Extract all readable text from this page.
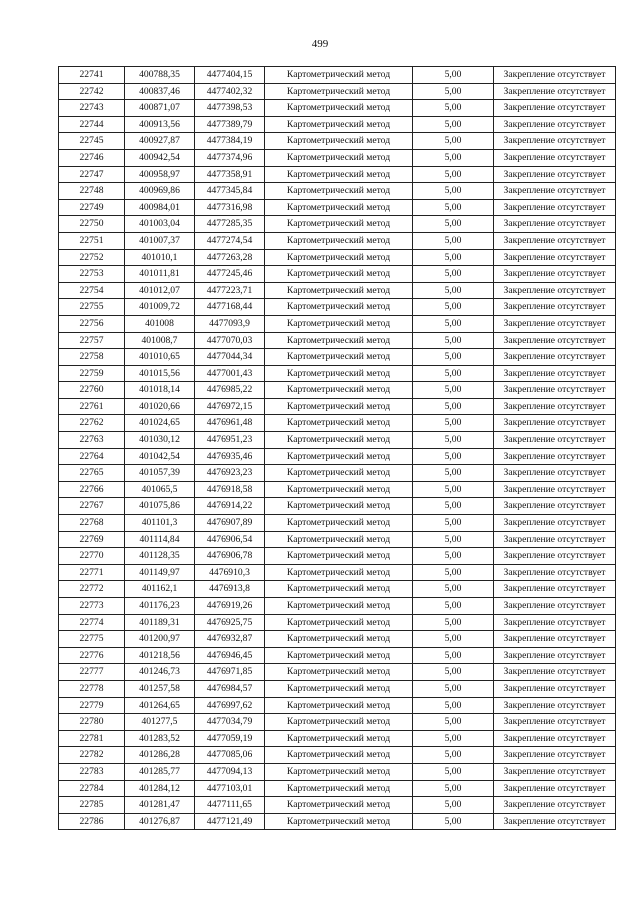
499
22741	400788,35	4477404,15	Картометрический метод	5,00	Закрепление отсутствует
22742	400837,46	4477402,32	Картометрический метод	5,00	Закрепление отсутствует
22743	400871,07	4477398,53	Картометрический метод	5,00	Закрепление отсутствует
22744	400913,56	4477389,79	Картометрический метод	5,00	Закрепление отсутствует
22745	400927,87	4477384,19	Картометрический метод	5,00	Закрепление отсутствует
22746	400942,54	4477374,96	Картометрический метод	5,00	Закрепление отсутствует
22747	400958,97	4477358,91	Картометрический метод	5,00	Закрепление отсутствует
22748	400969,86	4477345,84	Картометрический метод	5,00	Закрепление отсутствует
22749	400984,01	4477316,98	Картометрический метод	5,00	Закрепление отсутствует
22750	401003,04	4477285,35	Картометрический метод	5,00	Закрепление отсутствует
22751	401007,37	4477274,54	Картометрический метод	5,00	Закрепление отсутствует
22752	401010,1	4477263,28	Картометрический метод	5,00	Закрепление отсутствует
22753	401011,81	4477245,46	Картометрический метод	5,00	Закрепление отсутствует
22754	401012,07	4477223,71	Картометрический метод	5,00	Закрепление отсутствует
22755	401009,72	4477168,44	Картометрический метод	5,00	Закрепление отсутствует
22756	401008	4477093,9	Картометрический метод	5,00	Закрепление отсутствует
22757	401008,7	4477070,03	Картометрический метод	5,00	Закрепление отсутствует
22758	401010,65	4477044,34	Картометрический метод	5,00	Закрепление отсутствует
22759	401015,56	4477001,43	Картометрический метод	5,00	Закрепление отсутствует
22760	401018,14	4476985,22	Картометрический метод	5,00	Закрепление отсутствует
22761	401020,66	4476972,15	Картометрический метод	5,00	Закрепление отсутствует
22762	401024,65	4476961,48	Картометрический метод	5,00	Закрепление отсутствует
22763	401030,12	4476951,23	Картометрический метод	5,00	Закрепление отсутствует
22764	401042,54	4476935,46	Картометрический метод	5,00	Закрепление отсутствует
22765	401057,39	4476923,23	Картометрический метод	5,00	Закрепление отсутствует
22766	401065,5	4476918,58	Картометрический метод	5,00	Закрепление отсутствует
22767	401075,86	4476914,22	Картометрический метод	5,00	Закрепление отсутствует
22768	401101,3	4476907,89	Картометрический метод	5,00	Закрепление отсутствует
22769	401114,84	4476906,54	Картометрический метод	5,00	Закрепление отсутствует
22770	401128,35	4476906,78	Картометрический метод	5,00	Закрепление отсутствует
22771	401149,97	4476910,3	Картометрический метод	5,00	Закрепление отсутствует
22772	401162,1	4476913,8	Картометрический метод	5,00	Закрепление отсутствует
22773	401176,23	4476919,26	Картометрический метод	5,00	Закрепление отсутствует
22774	401189,31	4476925,75	Картометрический метод	5,00	Закрепление отсутствует
22775	401200,97	4476932,87	Картометрический метод	5,00	Закрепление отсутствует
22776	401218,56	4476946,45	Картометрический метод	5,00	Закрепление отсутствует
22777	401246,73	4476971,85	Картометрический метод	5,00	Закрепление отсутствует
22778	401257,58	4476984,57	Картометрический метод	5,00	Закрепление отсутствует
22779	401264,65	4476997,62	Картометрический метод	5,00	Закрепление отсутствует
22780	401277,5	4477034,79	Картометрический метод	5,00	Закрепление отсутствует
22781	401283,52	4477059,19	Картометрический метод	5,00	Закрепление отсутствует
22782	401286,28	4477085,06	Картометрический метод	5,00	Закрепление отсутствует
22783	401285,77	4477094,13	Картометрический метод	5,00	Закрепление отсутствует
22784	401284,12	4477103,01	Картометрический метод	5,00	Закрепление отсутствует
22785	401281,47	4477111,65	Картометрический метод	5,00	Закрепление отсутствует
22786	401276,87	4477121,49	Картометрический метод	5,00	Закрепление отсутствует
